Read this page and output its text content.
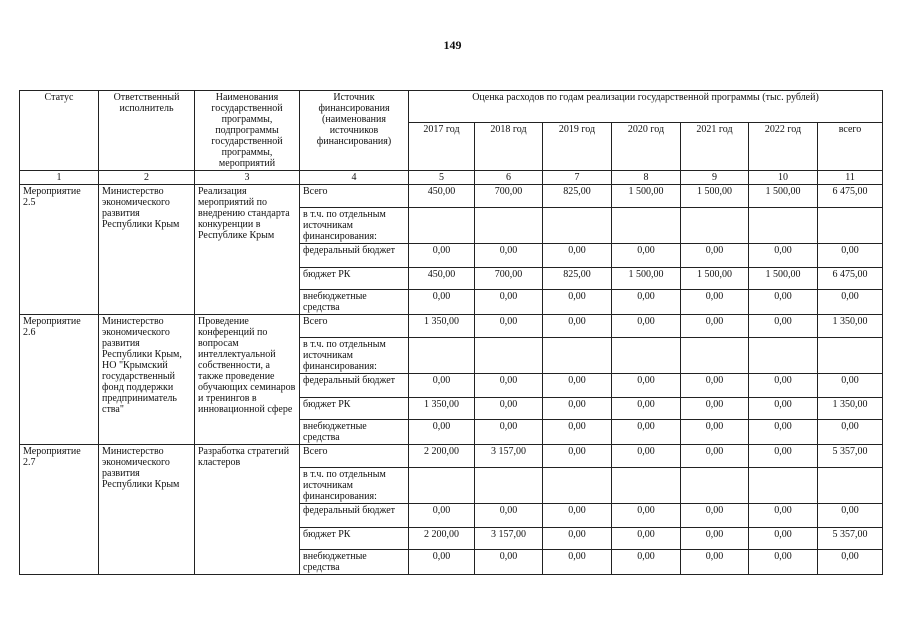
149
Статус	Ответственный исполнитель	Наименования государственной программы, подпрограммы государственной программы, мероприятий	Источник финансирования (наименования источников финансирования)	Оценка расходов по годам реализации государственной программы (тыс. рублей)						
				2017 год	2018 год	2019 год	2020 год	2021 год	2022 год	всего
1	2	3	4	5	6	7	8	9	10	11
Мероприятие 2.5	Министерство экономического развития Республики Крым	Реализация мероприятий по внедрению стандарта конкуренции в Республике Крым	Всего	450,00	700,00	825,00	1 500,00	1 500,00	1 500,00	6 475,00
			в т.ч. по отдельным источникам финансирования:							
			федеральный бюджет	0,00	0,00	0,00	0,00	0,00	0,00	0,00
			бюджет РК	450,00	700,00	825,00	1 500,00	1 500,00	1 500,00	6 475,00
			внебюджетные средства	0,00	0,00	0,00	0,00	0,00	0,00	0,00
Мероприятие 2.6	Министерство экономического развития Республики Крым, НО "Крымский государственный фонд поддержки предприниматель ства"	Проведение конференций по вопросам интеллектуальной собственности, а также проведение обучающих семинаров и тренингов в инновационной сфере	Всего	1 350,00	0,00	0,00	0,00	0,00	0,00	1 350,00
			в т.ч. по отдельным источникам финансирования:							
			федеральный бюджет	0,00	0,00	0,00	0,00	0,00	0,00	0,00
			бюджет РК	1 350,00	0,00	0,00	0,00	0,00	0,00	1 350,00
			внебюджетные средства	0,00	0,00	0,00	0,00	0,00	0,00	0,00
Мероприятие 2.7	Министерство экономического развития Республики Крым	Разработка стратегий кластеров	Всего	2 200,00	3 157,00	0,00	0,00	0,00	0,00	5 357,00
			в т.ч. по отдельным источникам финансирования:							
			федеральный бюджет	0,00	0,00	0,00	0,00	0,00	0,00	0,00
			бюджет РК	2 200,00	3 157,00	0,00	0,00	0,00	0,00	5 357,00
			внебюджетные средства	0,00	0,00	0,00	0,00	0,00	0,00	0,00
